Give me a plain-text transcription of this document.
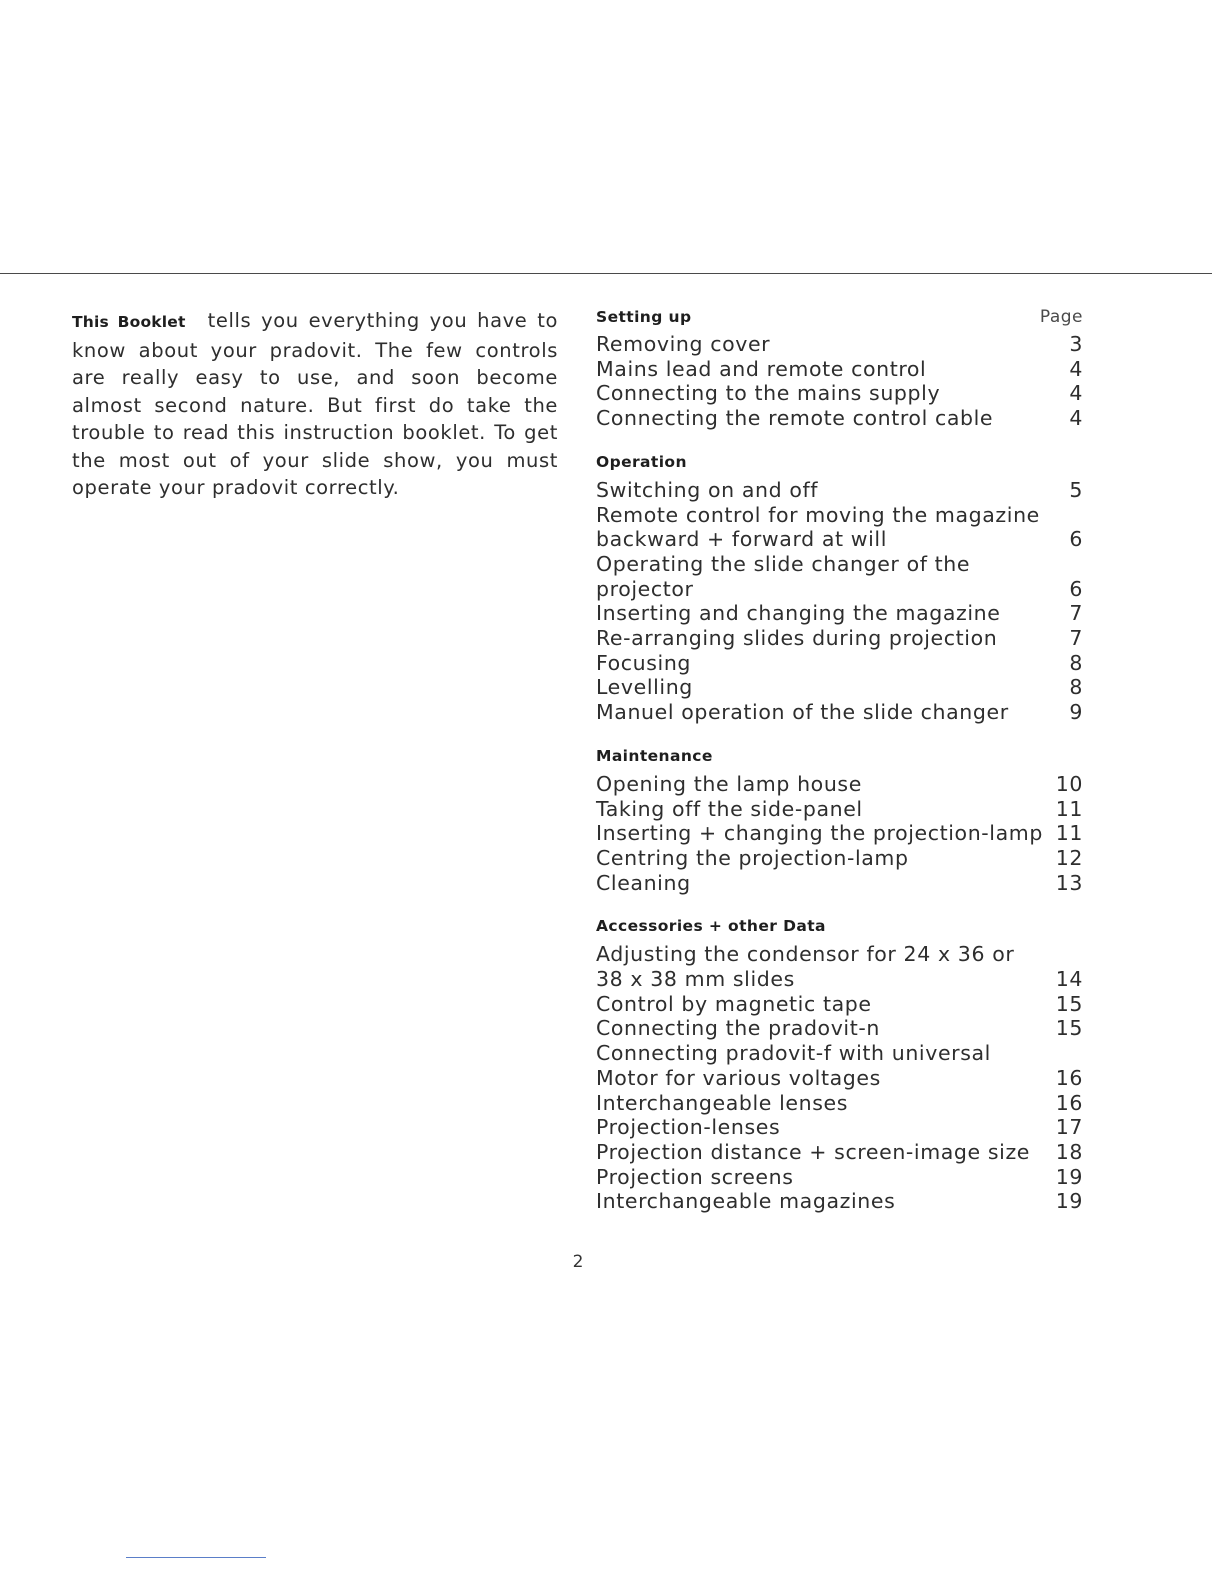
This Booklet tells you everything you have to know about your pradovit. The few controls are really easy to use, and soon become almost second nature. But first do take the trouble to read this instruction booklet. To get the most out of your slide show, you must operate your pradovit correctly.
Setting up	Page
Removing cover	3
Mains lead and remote control	4
Connecting to the mains supply	4
Connecting the remote control cable	4
Operation
Switching on and off	5
Remote control for moving the magazine
backward + forward at will	6
Operating the slide changer of the
projector	6
Inserting and changing the magazine	7
Re-arranging slides during projection	7
Focusing	8
Levelling	8
Manuel operation of the slide changer	9
Maintenance
Opening the lamp house	10
Taking off the side-panel	11
Inserting + changing the projection-lamp 11
Centring the projection-lamp	12
Cleaning	13
Accessories + other Data
Adjusting the condensor for 24 x 36 or
38 x 38 mm slides	14
Control by magnetic tape	15
Connecting the pradovit-n	15
Connecting pradovit-f with universal
Motor for various voltages	16
Interchangeable lenses	16
Projection-lenses	17
Projection distance + screen-image size	18
Projection screens	19
Interchangeable magazines	19
2
